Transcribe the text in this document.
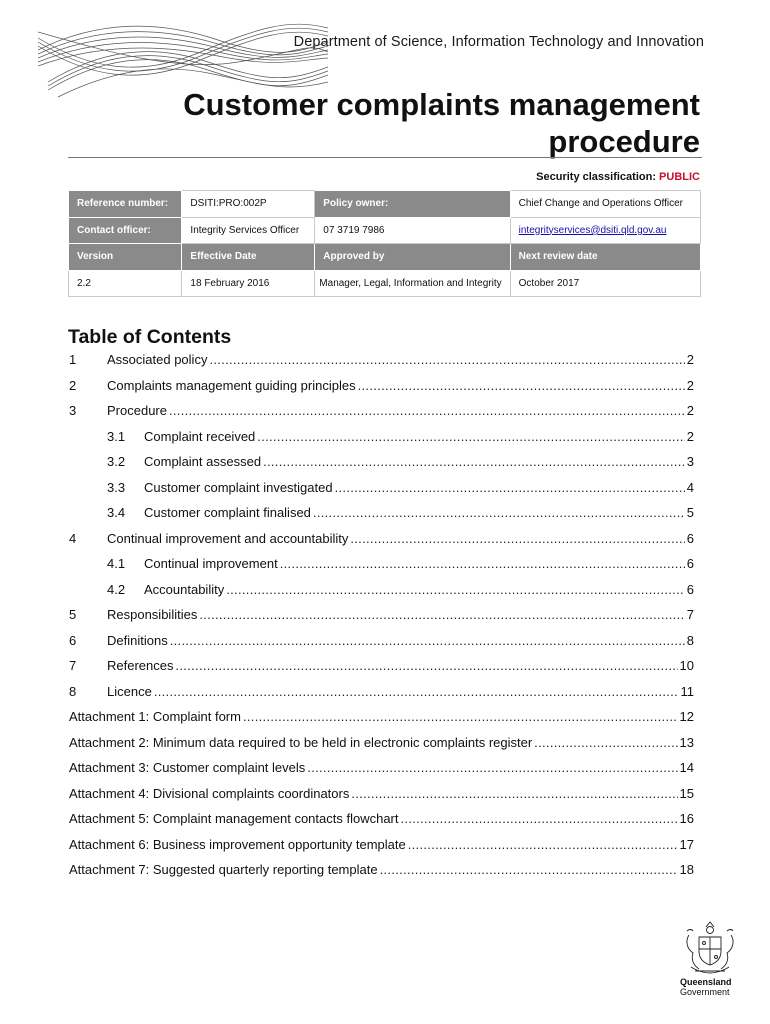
Department of Science, Information Technology and Innovation
Customer complaints management
procedure
Security classification: PUBLIC
Reference number:	DSITI:PRO:002P	Policy owner:	Chief Change and Operations Officer
Contact officer:	Integrity Services Officer	07 3719 7986	integrityservices@dsiti.qld.gov.au
Version	Effective Date	Approved by	Next review date
2.2	18 February 2016	Manager, Legal, Information and Integrity	October 2017
Table of Contents
1	Associated policy .....	2
2	Complaints management guiding principles .....	2
3	Procedure .....	2
3.1	Complaint received .....	2
3.2	Complaint assessed .....	3
3.3	Customer complaint investigated .....	4
3.4	Customer complaint finalised .....	5
4	Continual improvement and accountability .....	6
4.1	Continual improvement .....	6
4.2	Accountability .....	6
5	Responsibilities .....	7
6	Definitions .....	8
7	References .....	10
8	Licence .....	11
Attachment 1: Complaint form .....	12
Attachment 2: Minimum data required to be held in electronic complaints register .....	13
Attachment 3: Customer complaint levels .....	14
Attachment 4: Divisional complaints coordinators .....	15
Attachment 5: Complaint management contacts flowchart .....	16
Attachment 6: Business improvement opportunity template .....	17
Attachment 7: Suggested quarterly reporting template .....	18
Queensland
Government
